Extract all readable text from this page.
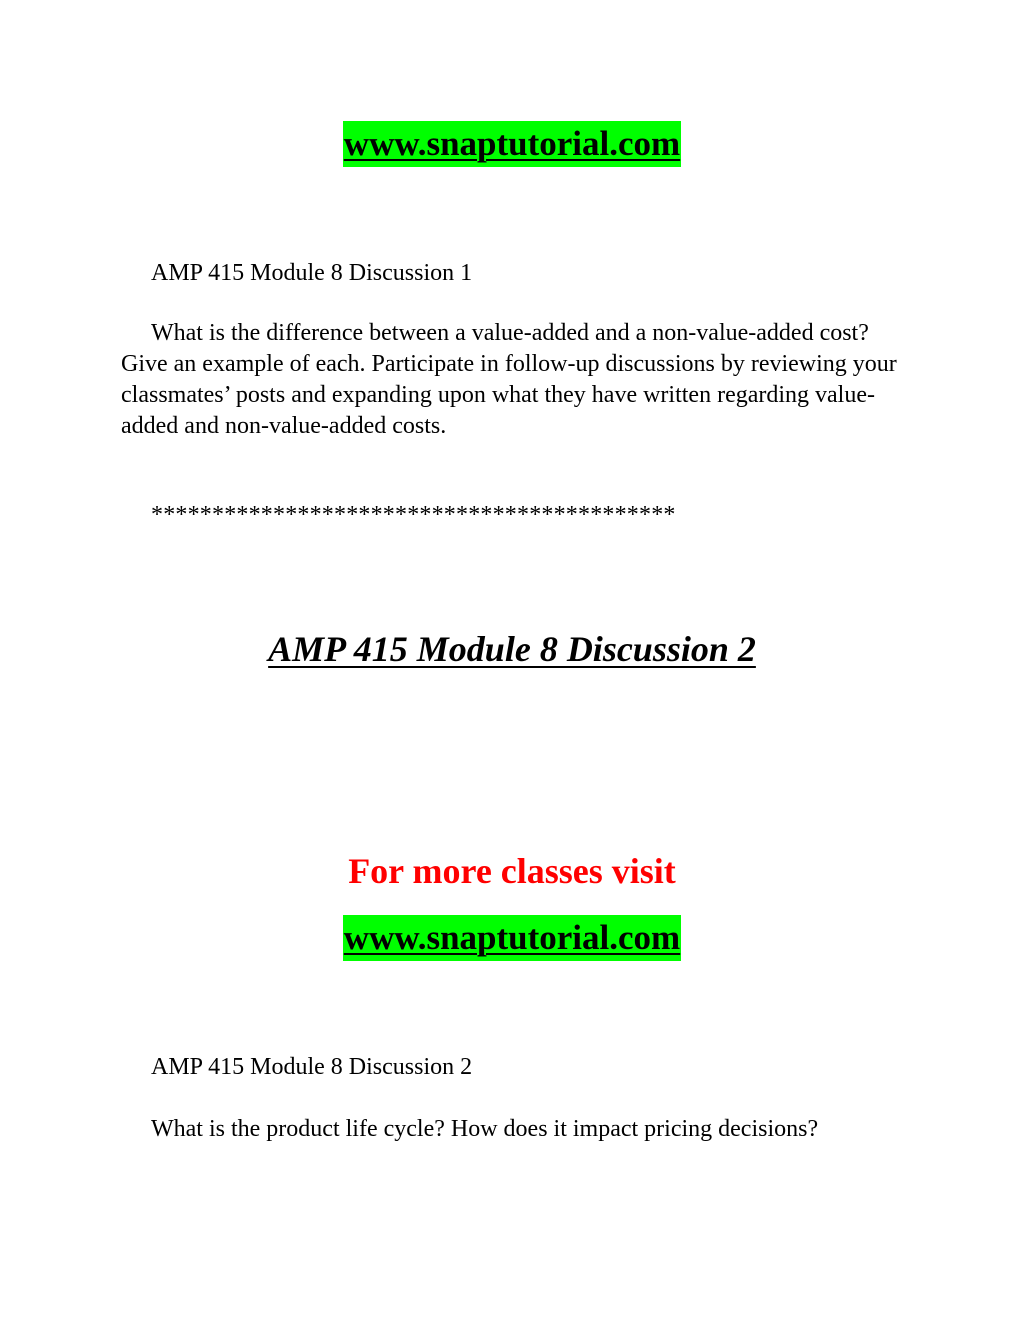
www.snaptutorial.com
AMP 415 Module 8 Discussion 1

What is the difference between a value-added and a non-value-added cost? Give an example of each. Participate in follow-up discussions by reviewing your classmates’ posts and expanding upon what they have written regarding value-added and non-value-added costs.

*******************************************
AMP 415 Module 8 Discussion 2
For more classes visit
www.snaptutorial.com
AMP 415 Module 8 Discussion 2
What is the product life cycle? How does it impact pricing decisions?
